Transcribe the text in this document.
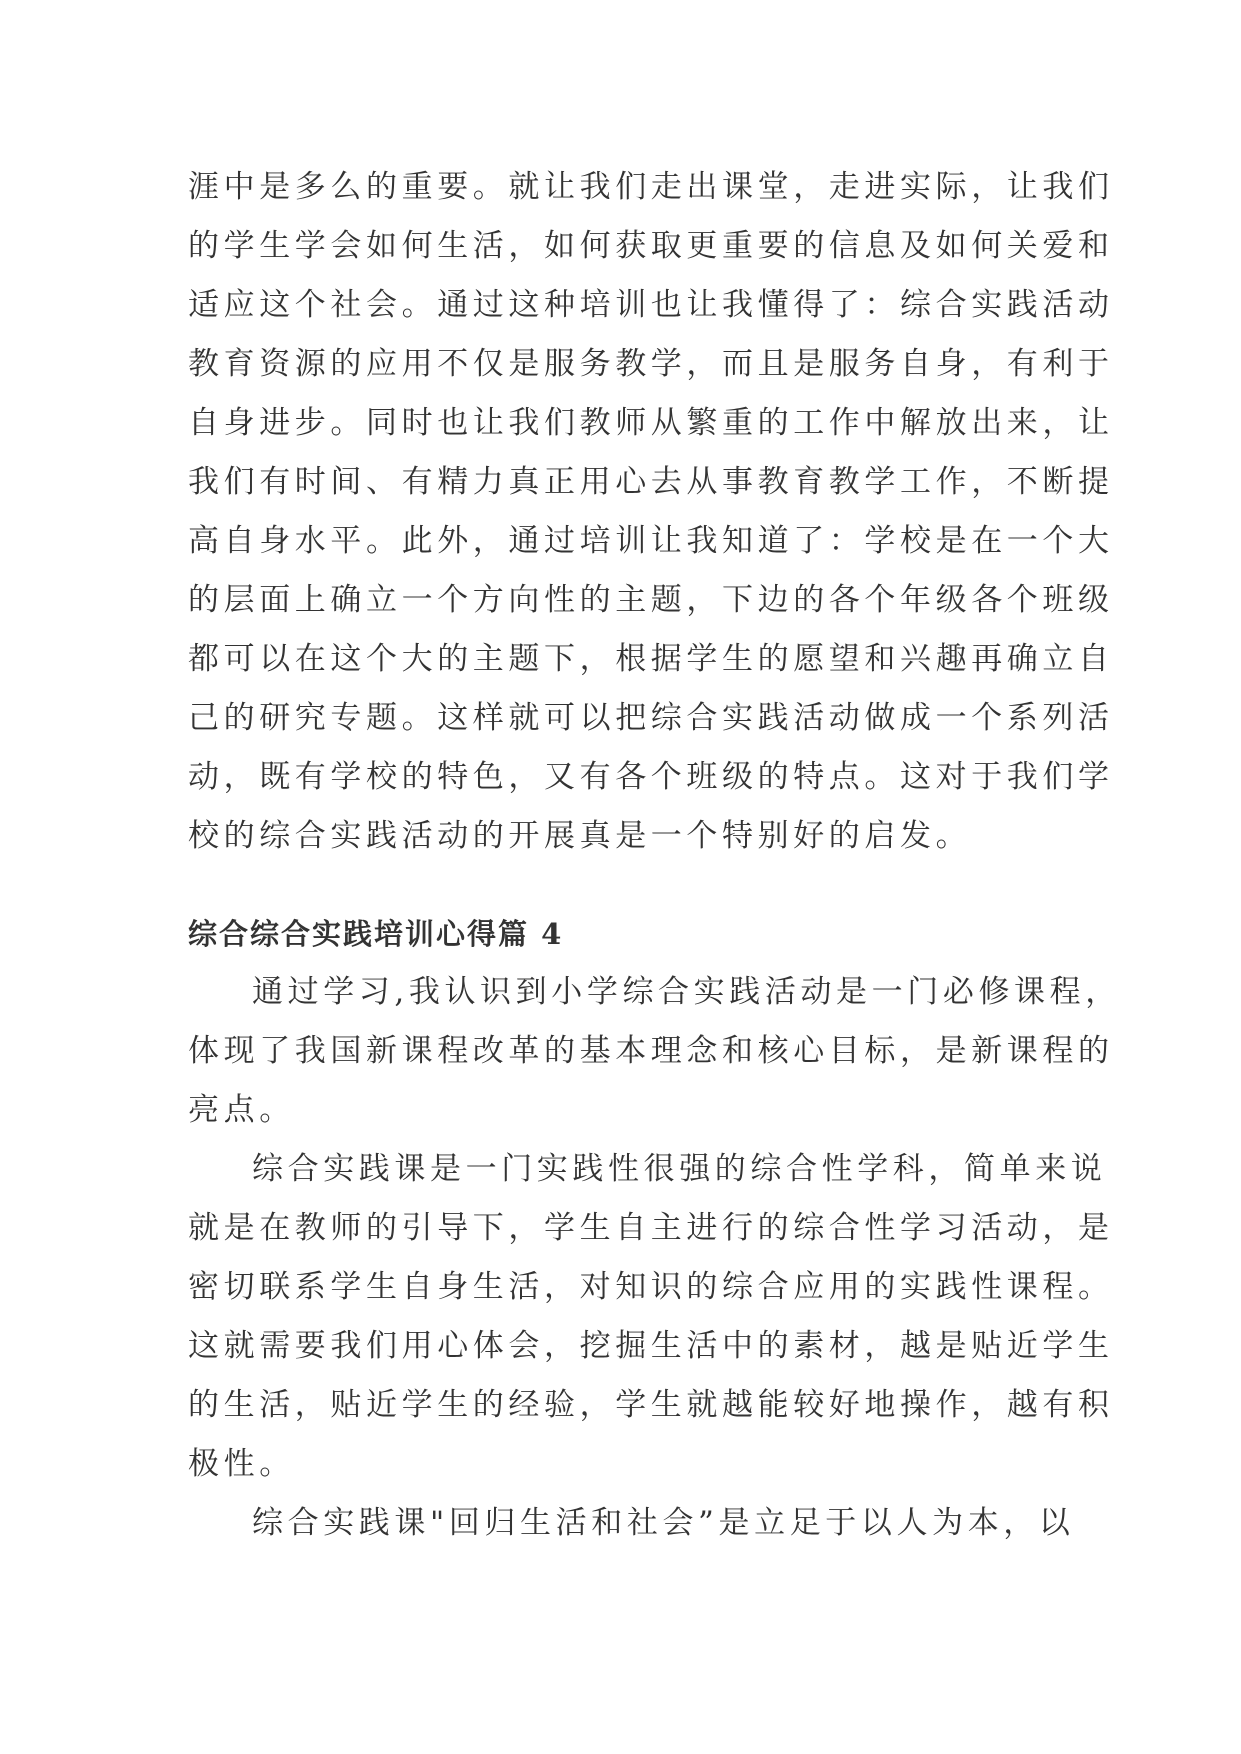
涯中是多么的重要。就让我们走出课堂，走进实际，让我们
的学生学会如何生活，如何获取更重要的信息及如何关爱和
适应这个社会。通过这种培训也让我懂得了：综合实践活动
教育资源的应用不仅是服务教学，而且是服务自身，有利于
自身进步。同时也让我们教师从繁重的工作中解放出来，让
我们有时间、有精力真正用心去从事教育教学工作，不断提
高自身水平。此外，通过培训让我知道了：学校是在一个大
的层面上确立一个方向性的主题，下边的各个年级各个班级
都可以在这个大的主题下，根据学生的愿望和兴趣再确立自
己的研究专题。这样就可以把综合实践活动做成一个系列活
动，既有学校的特色，又有各个班级的特点。这对于我们学
校的综合实践活动的开展真是一个特别好的启发。
综合综合实践培训心得篇 4
通过学习,我认识到小学综合实践活动是一门必修课程，
体现了我国新课程改革的基本理念和核心目标，是新课程的
亮点。
综合实践课是一门实践性很强的综合性学科，简单来说
就是在教师的引导下，学生自主进行的综合性学习活动，是
密切联系学生自身生活，对知识的综合应用的实践性课程。
这就需要我们用心体会，挖掘生活中的素材，越是贴近学生
的生活，贴近学生的经验，学生就越能较好地操作，越有积
极性。
综合实践课"回归生活和社会”是立足于以人为本，以
